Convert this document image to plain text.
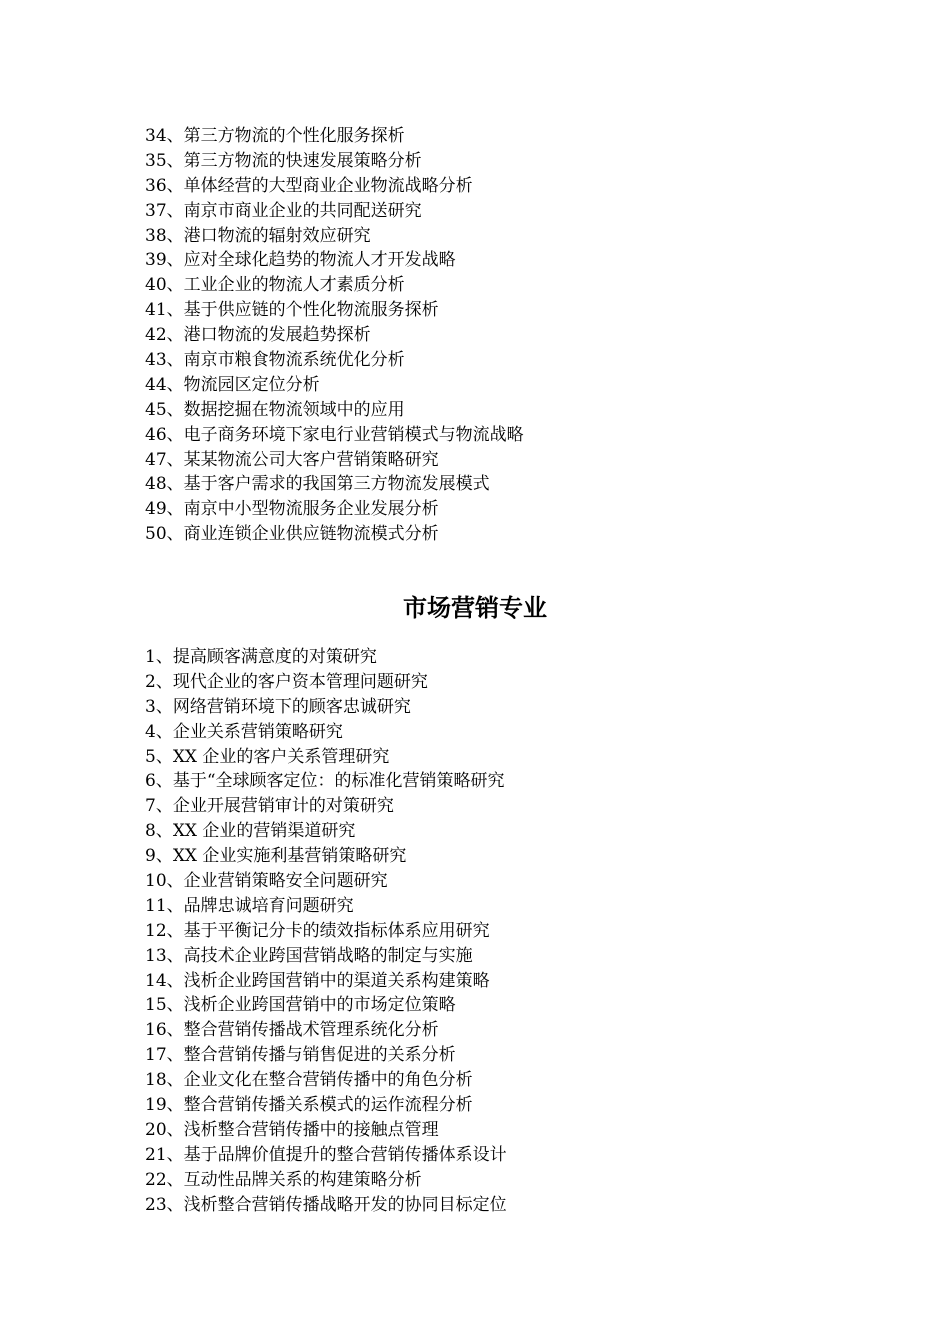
34、第三方物流的个性化服务探析
35、第三方物流的快速发展策略分析
36、单体经营的大型商业企业物流战略分析
37、南京市商业企业的共同配送研究
38、港口物流的辐射效应研究
39、应对全球化趋势的物流人才开发战略
40、工业企业的物流人才素质分析
41、基于供应链的个性化物流服务探析
42、港口物流的发展趋势探析
43、南京市粮食物流系统优化分析
44、物流园区定位分析
45、数据挖掘在物流领域中的应用
46、电子商务环境下家电行业营销模式与物流战略
47、某某物流公司大客户营销策略研究
48、基于客户需求的我国第三方物流发展模式
49、南京中小型物流服务企业发展分析
50、商业连锁企业供应链物流模式分析
市场营销专业
1、提高顾客满意度的对策研究
2、现代企业的客户资本管理问题研究
3、网络营销环境下的顾客忠诚研究
4、企业关系营销策略研究
5、XX 企业的客户关系管理研究
6、基于“全球顾客定位：的标准化营销策略研究
7、企业开展营销审计的对策研究
8、XX 企业的营销渠道研究
9、XX 企业实施利基营销策略研究
10、企业营销策略安全问题研究
11、品牌忠诚培育问题研究
12、基于平衡记分卡的绩效指标体系应用研究
13、高技术企业跨国营销战略的制定与实施
14、浅析企业跨国营销中的渠道关系构建策略
15、浅析企业跨国营销中的市场定位策略
16、整合营销传播战术管理系统化分析
17、整合营销传播与销售促进的关系分析
18、企业文化在整合营销传播中的角色分析
19、整合营销传播关系模式的运作流程分析
20、浅析整合营销传播中的接触点管理
21、基于品牌价值提升的整合营销传播体系设计
22、互动性品牌关系的构建策略分析
23、浅析整合营销传播战略开发的协同目标定位
